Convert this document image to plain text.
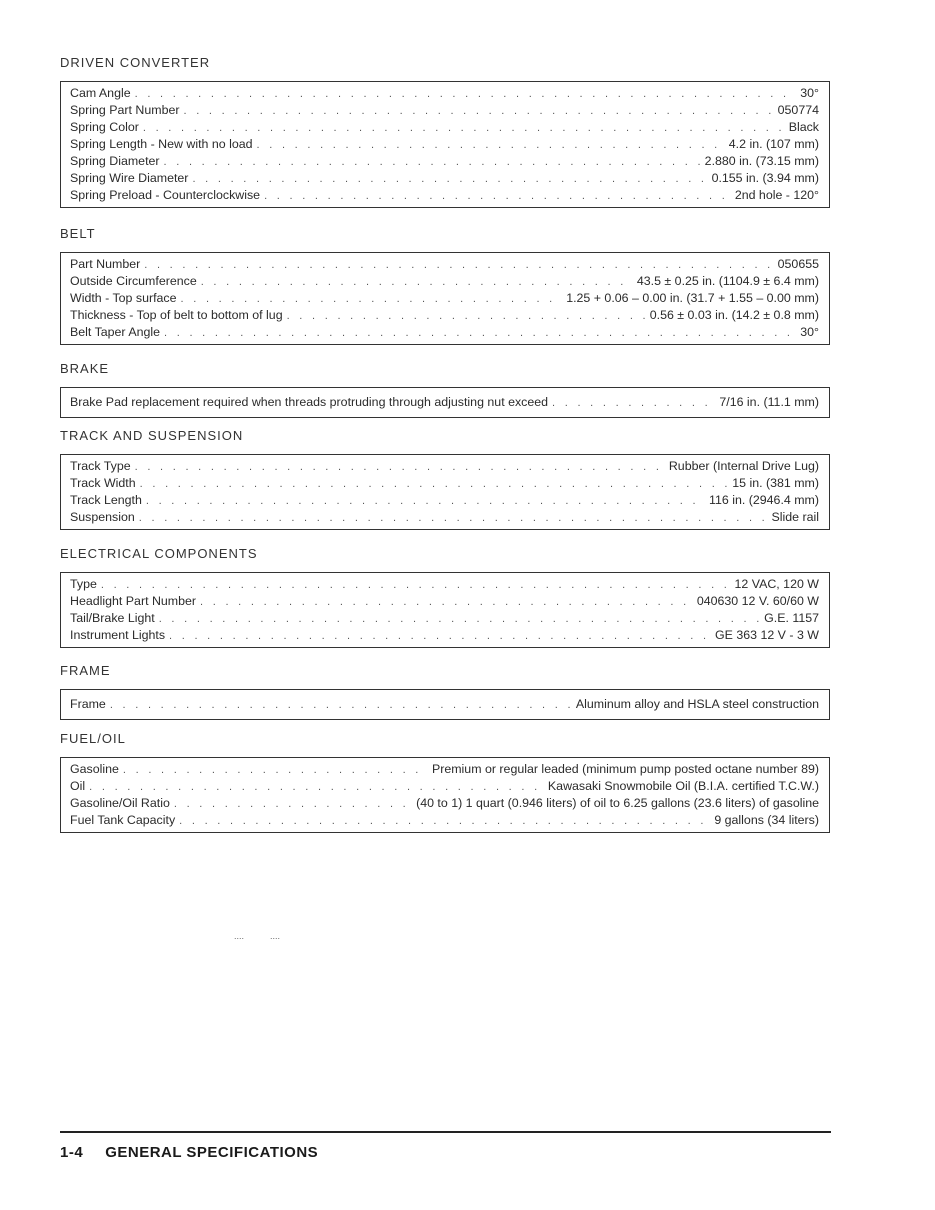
DRIVEN CONVERTER
Cam Angle . . .	30°
Spring Part Number . . .	050774
Spring Color . . .	Black
Spring Length - New with no load . . .	4.2 in. (107 mm)
Spring Diameter . . .	2.880 in. (73.15 mm)
Spring Wire Diameter . . .	0.155 in. (3.94 mm)
Spring Preload - Counterclockwise . . .	2nd hole - 120°
BELT
Part Number . . .	050655
Outside Circumference . . .	43.5 ± 0.25 in. (1104.9 ± 6.4 mm)
Width - Top surface . . .	1.25 + 0.06 – 0.00 in. (31.7 + 1.55 – 0.00 mm)
Thickness - Top of belt to bottom of lug . . .	0.56 ± 0.03 in. (14.2 ± 0.8 mm)
Belt Taper Angle . . .	30°
BRAKE
Brake Pad replacement required when threads protruding through adjusting nut exceed . . .	7/16 in. (11.1 mm)
TRACK AND SUSPENSION
Track Type . . .	Rubber (Internal Drive Lug)
Track Width . . .	15 in. (381 mm)
Track Length . . .	116 in. (2946.4 mm)
Suspension . . .	Slide rail
ELECTRICAL COMPONENTS
Type . . .	12 VAC, 120 W
Headlight Part Number . . .	040630 12 V. 60/60 W
Tail/Brake Light . . .	G.E. 1157
Instrument Lights . . .	GE 363 12 V - 3 W
FRAME
Frame . . .	Aluminum alloy and HSLA steel construction
FUEL/OIL
Gasoline . . .	Premium or regular leaded (minimum pump posted octane number 89)
Oil . . .	Kawasaki Snowmobile Oil (B.I.A. certified T.C.W.)
Gasoline/Oil Ratio . . .	(40 to 1) 1 quart (0.946 liters) of oil to 6.25 gallons (23.6 liters) of gasoline
Fuel Tank Capacity . . .	9 gallons (34 liters)
....	....
1-4 GENERAL SPECIFICATIONS
